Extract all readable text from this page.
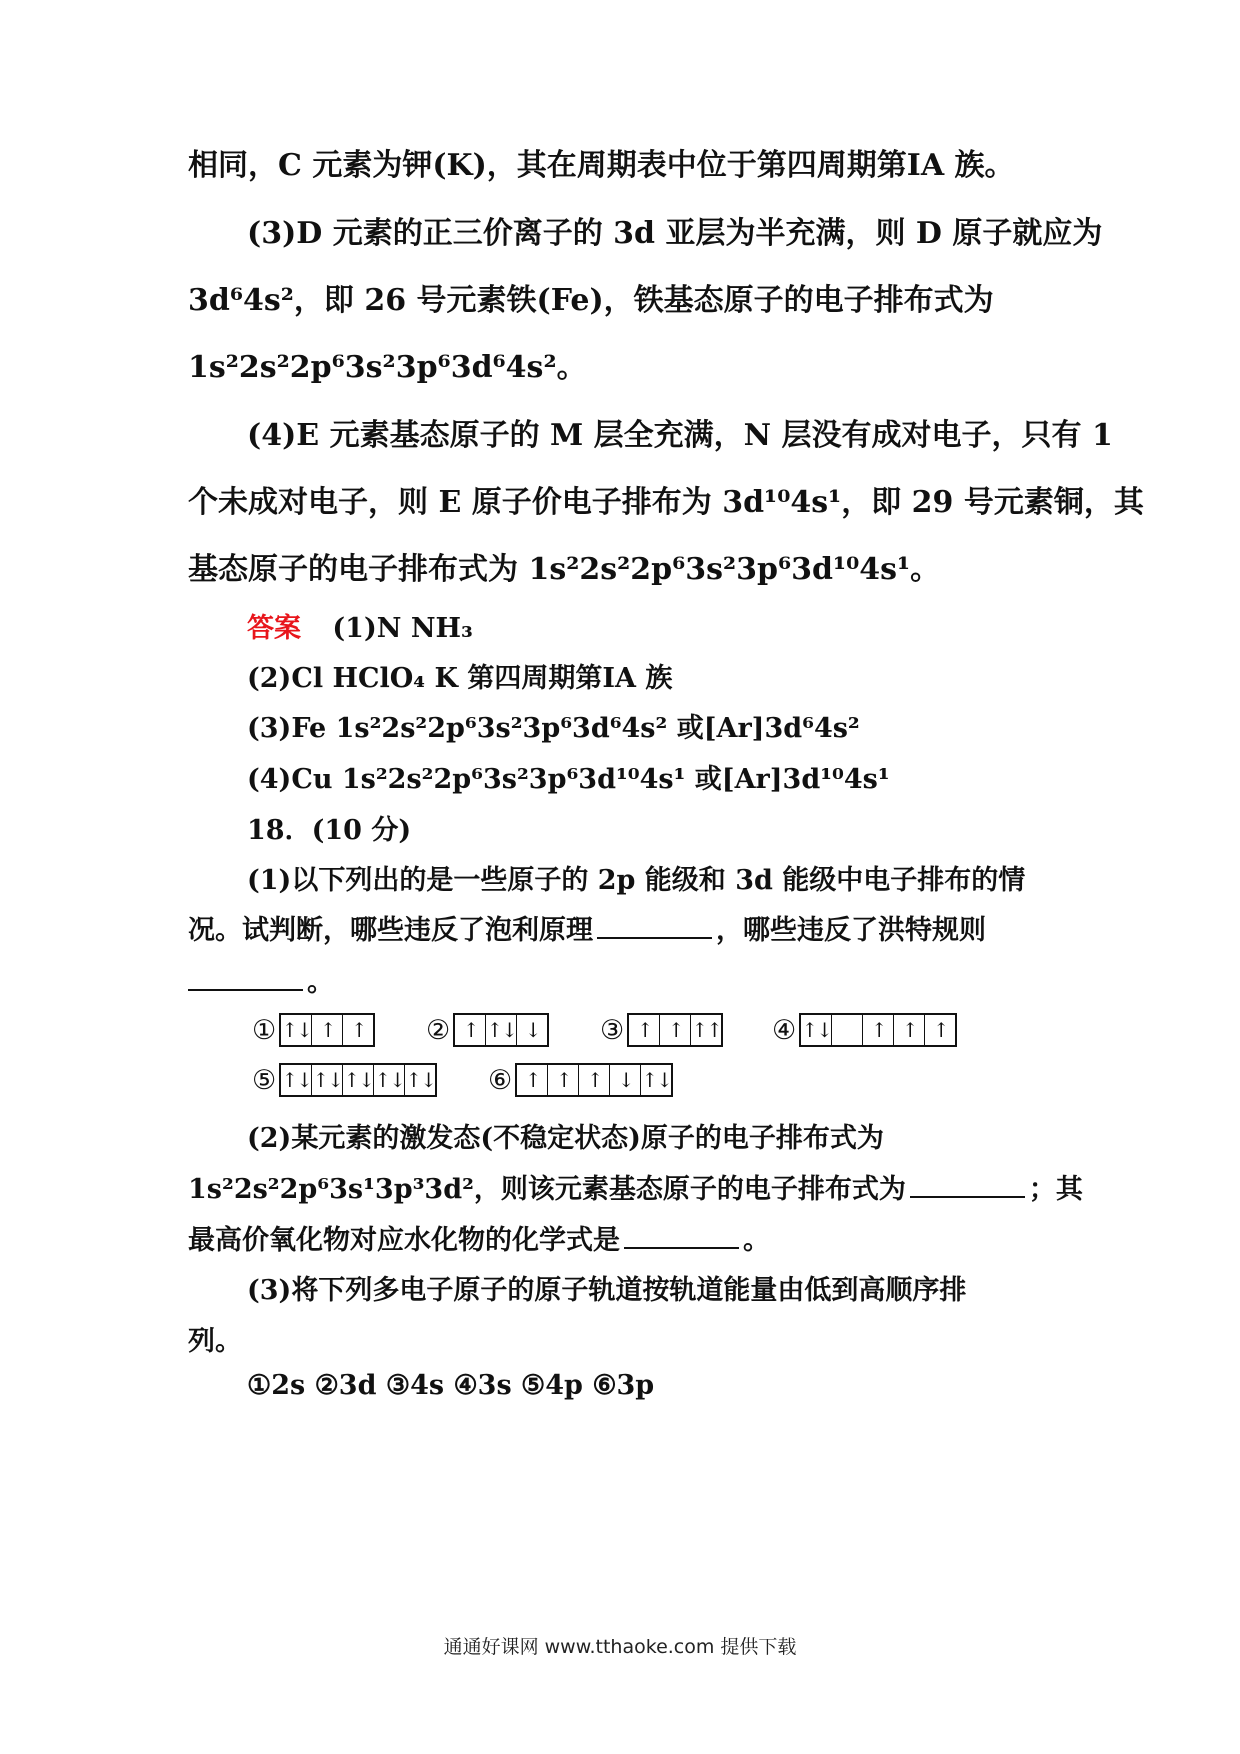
相同，C 元素为钾(K)，其在周期表中位于第四周期第ⅠA 族。
(3)D 元素的正三价离子的 3d 亚层为半充满，则 D 原子就应为
3d⁶4s²，即 26 号元素铁(Fe)，铁基态原子的电子排布式为
1s²2s²2p⁶3s²3p⁶3d⁶4s²。
(4)E 元素基态原子的 M 层全充满，N 层没有成对电子，只有 1
个未成对电子，则 E 原子价电子排布为 3d¹⁰4s¹，即 29 号元素铜，其
基态原子的电子排布式为 1s²2s²2p⁶3s²3p⁶3d¹⁰4s¹。
答案 (1)N NH₃
(2)Cl HClO₄ K 第四周期第ⅠA 族
(3)Fe 1s²2s²2p⁶3s²3p⁶3d⁶4s² 或[Ar]3d⁶4s²
(4)Cu 1s²2s²2p⁶3s²3p⁶3d¹⁰4s¹ 或[Ar]3d¹⁰4s¹
18．(10 分)
(1)以下列出的是一些原子的 2p 能级和 3d 能级中电子排布的情
况。试判断，哪些违反了泡利原理	，哪些违反了洪特规则
。
① ↑↓ ↑ ↑ ② ↑ ↑↓ ↓ ③ ↑ ↑ ↑↑ ④ ↑↓	↑ ↑ ↑
⑤ ↑↓ ↑↓ ↑↓ ↑↓ ↑↓ ⑥ ↑ ↑ ↑ ↓ ↑↓
(2)某元素的激发态(不稳定状态)原子的电子排布式为
1s²2s²2p⁶3s¹3p³3d²，则该元素基态原子的电子排布式为	；其
最高价氧化物对应水化物的化学式是	。
(3)将下列多电子原子的原子轨道按轨道能量由低到高顺序排
列。
①2s ②3d ③4s ④3s ⑤4p ⑥3p
通通好课网 www.tthaoke.com 提供下载
